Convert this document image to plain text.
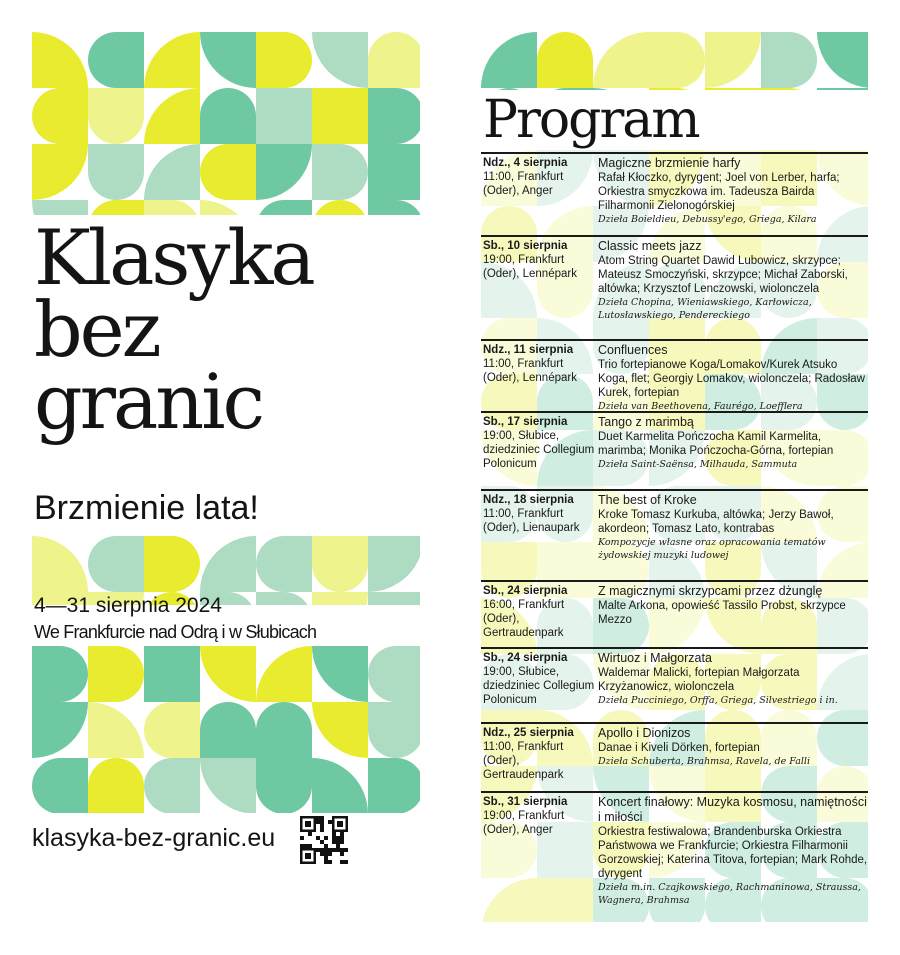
Klasyka
bez
granic
Brzmienie lata!
4—31 sierpnia 2024
We Frankfurcie nad Odrą i w Słubicach
klasyka-bez-granic.eu
Program
Ndz., 4 sierpnia
11:00, Frankfurt (Oder), Anger
Magiczne brzmienie harfy
Rafał Kłoczko, dyrygent; Joel von Lerber, harfa; Orkiestra smyczkowa im. Tadeusza Bairda Filharmonii Zielonogórskiej
Dzieła Boieldieu, Debussy'ego, Griega, Kilara
Sb., 10 sierpnia
19:00, Frankfurt (Oder), Lennépark
Classic meets jazz
Atom String Quartet Dawid Lubowicz, skrzypce; Mateusz Smoczyński, skrzypce; Michał Zaborski, altówka; Krzysztof Lenczowski, wiolonczela
Dzieła Chopina, Wieniawskiego, Karłowicza, Lutosławskiego, Pendereckiego
Ndz., 11 sierpnia
11:00, Frankfurt (Oder), Lennépark
Confluences
Trio fortepianowe Koga/Lomakov/Kurek Atsuko Koga, flet; Georgiy Lomakov, wiolonczela; Radosław Kurek, fortepian
Dzieła van Beethovena, Faurégo, Loefflera
Sb., 17 sierpnia
19:00, Słubice, dziedziniec Collegium Polonicum
Tango z marimbą
Duet Karmelita Pończocha Kamil Karmelita, marimba; Monika Pończocha-Górna, fortepian
Dzieła Saint-Saënsa, Milhauda, Sammuta
Ndz., 18 sierpnia
11:00, Frankfurt (Oder), Lienaupark
The best of Kroke
Kroke Tomasz Kurkuba, altówka; Jerzy Bawoł, akordeon; Tomasz Lato, kontrabas
Kompozycje własne oraz opracowania tematów żydowskiej muzyki ludowej
Sb., 24 sierpnia
16:00, Frankfurt (Oder), Gertraudenpark
Z magicznymi skrzypcami przez dżunglę
Malte Arkona, opowieść Tassilo Probst, skrzypce Mezzo
Sb., 24 sierpnia
19:00, Słubice, dziedziniec Collegium Polonicum
Wirtuoz i Małgorzata
Waldemar Malicki, fortepian Małgorzata Krzyżanowicz, wiolonczela
Dzieła Pucciniego, Orffa, Griega, Silvestriego i in.
Ndz., 25 sierpnia
11:00, Frankfurt (Oder), Gertraudenpark
Apollo i Dionizos
Danae i Kiveli Dörken, fortepian
Dzieła Schuberta, Brahmsa, Ravela, de Falli
Sb., 31 sierpnia
19:00, Frankfurt (Oder), Anger
Koncert finałowy: Muzyka kosmosu, namiętności i miłości
Orkiestra festiwalowa; Brandenburska Orkiestra Państwowa we Frankfurcie; Orkiestra Filharmonii Gorzowskiej; Katerina Titova, fortepian; Mark Rohde, dyrygent
Dzieła m.in. Czajkowskiego, Rachmaninowa, Straussa, Wagnera, Brahmsa
